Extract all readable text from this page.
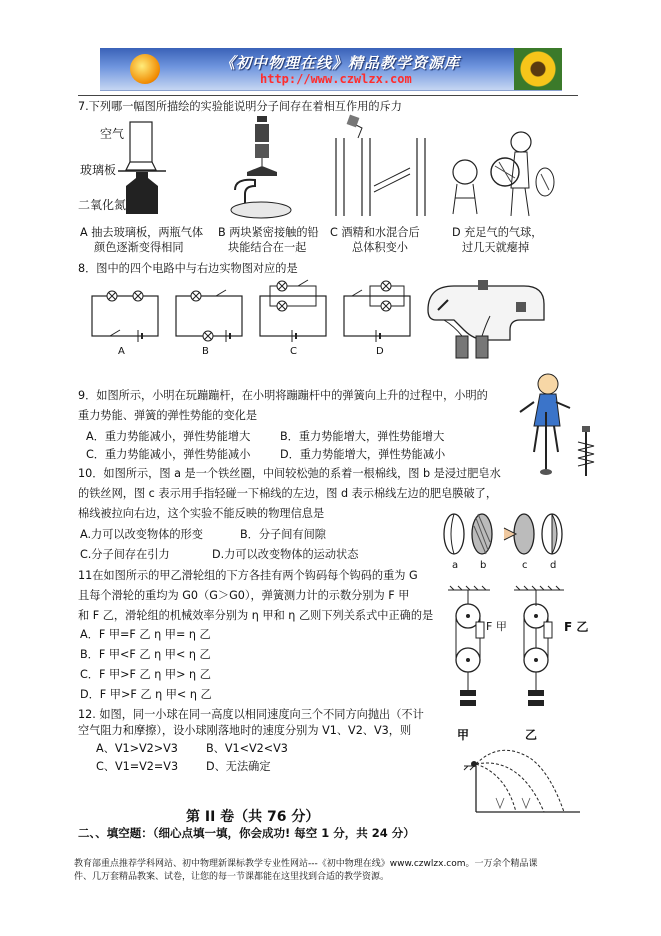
《初中物理在线》精品教学资源库
http://www.czwlzx.com
7.下列哪一幅图所描绘的实验能说明分子间存在着相互作用的斥力
空气
玻璃板
二氧化氮
A 抽去玻璃板，两瓶气体
颜色逐渐变得相同
B 两块紧密接触的铅
块能结合在一起
C 酒精和水混合后
总体积变小
D 充足气的气球，
过几天就瘪掉
8．图中的四个电路中与右边实物图对应的是
A	B	C	D
9．如图所示，小明在玩蹦蹦杆，在小明将蹦蹦杆中的弹簧向上升的过程中，小明的
重力势能、弹簧的弹性势能的变化是
A．重力势能减小，弹性势能增大	B．重力势能增大，弹性势能增大
C．重力势能减小，弹性势能减小	D．重力势能增大，弹性势能减小
10．如图所示，图 a 是一个铁丝圈，中间较松弛的系着一根棉线，图 b 是浸过肥皂水
的铁丝网，图 c 表示用手指轻碰一下棉线的左边，图 d 表示棉线左边的肥皂膜破了，
棉线被拉向右边，这个实验不能反映的物理信息是
A.力可以改变物体的形变	B．分子间有间隙
C.分子间存在引力	D.力可以改变物体的运动状态
a b	c d
11在如图所示的甲乙滑轮组的下方各挂有两个钩码每个钩码的重为 G
且每个滑轮的重均为 G0（G＞G0），弹簧测力计的示数分别为 F 甲
和 F 乙，滑轮组的机械效率分别为 η 甲和 η 乙则下列关系式中正确的是
A．F 甲=F 乙 η 甲= η 乙
B．F 甲<F 乙 η 甲< η 乙
C．F 甲>F 乙 η 甲> η 乙
D．F 甲>F 乙 η 甲< η 乙
F 甲	F 乙
甲	乙
12. 如图，同一小球在同一高度以相同速度向三个不同方向抛出（不计
空气阻力和摩擦），设小球刚落地时的速度分别为 V1、V2、V3，则
A、V1>V2>V3	B、V1<V2<V3
C、V1=V2=V3 D、无法确定
第 II 卷（共 76 分）
二、、填空题：（细心点填一填，你会成功! 每空 1 分，共 24 分）
教育部重点推荐学科网站、初中物理新课标教学专业性网站---《初中物理在线》www.czwlzx.com。一万余个精品课
件、几万套精品教案、试卷，让您的每一节课都能在这里找到合适的教学资源。
